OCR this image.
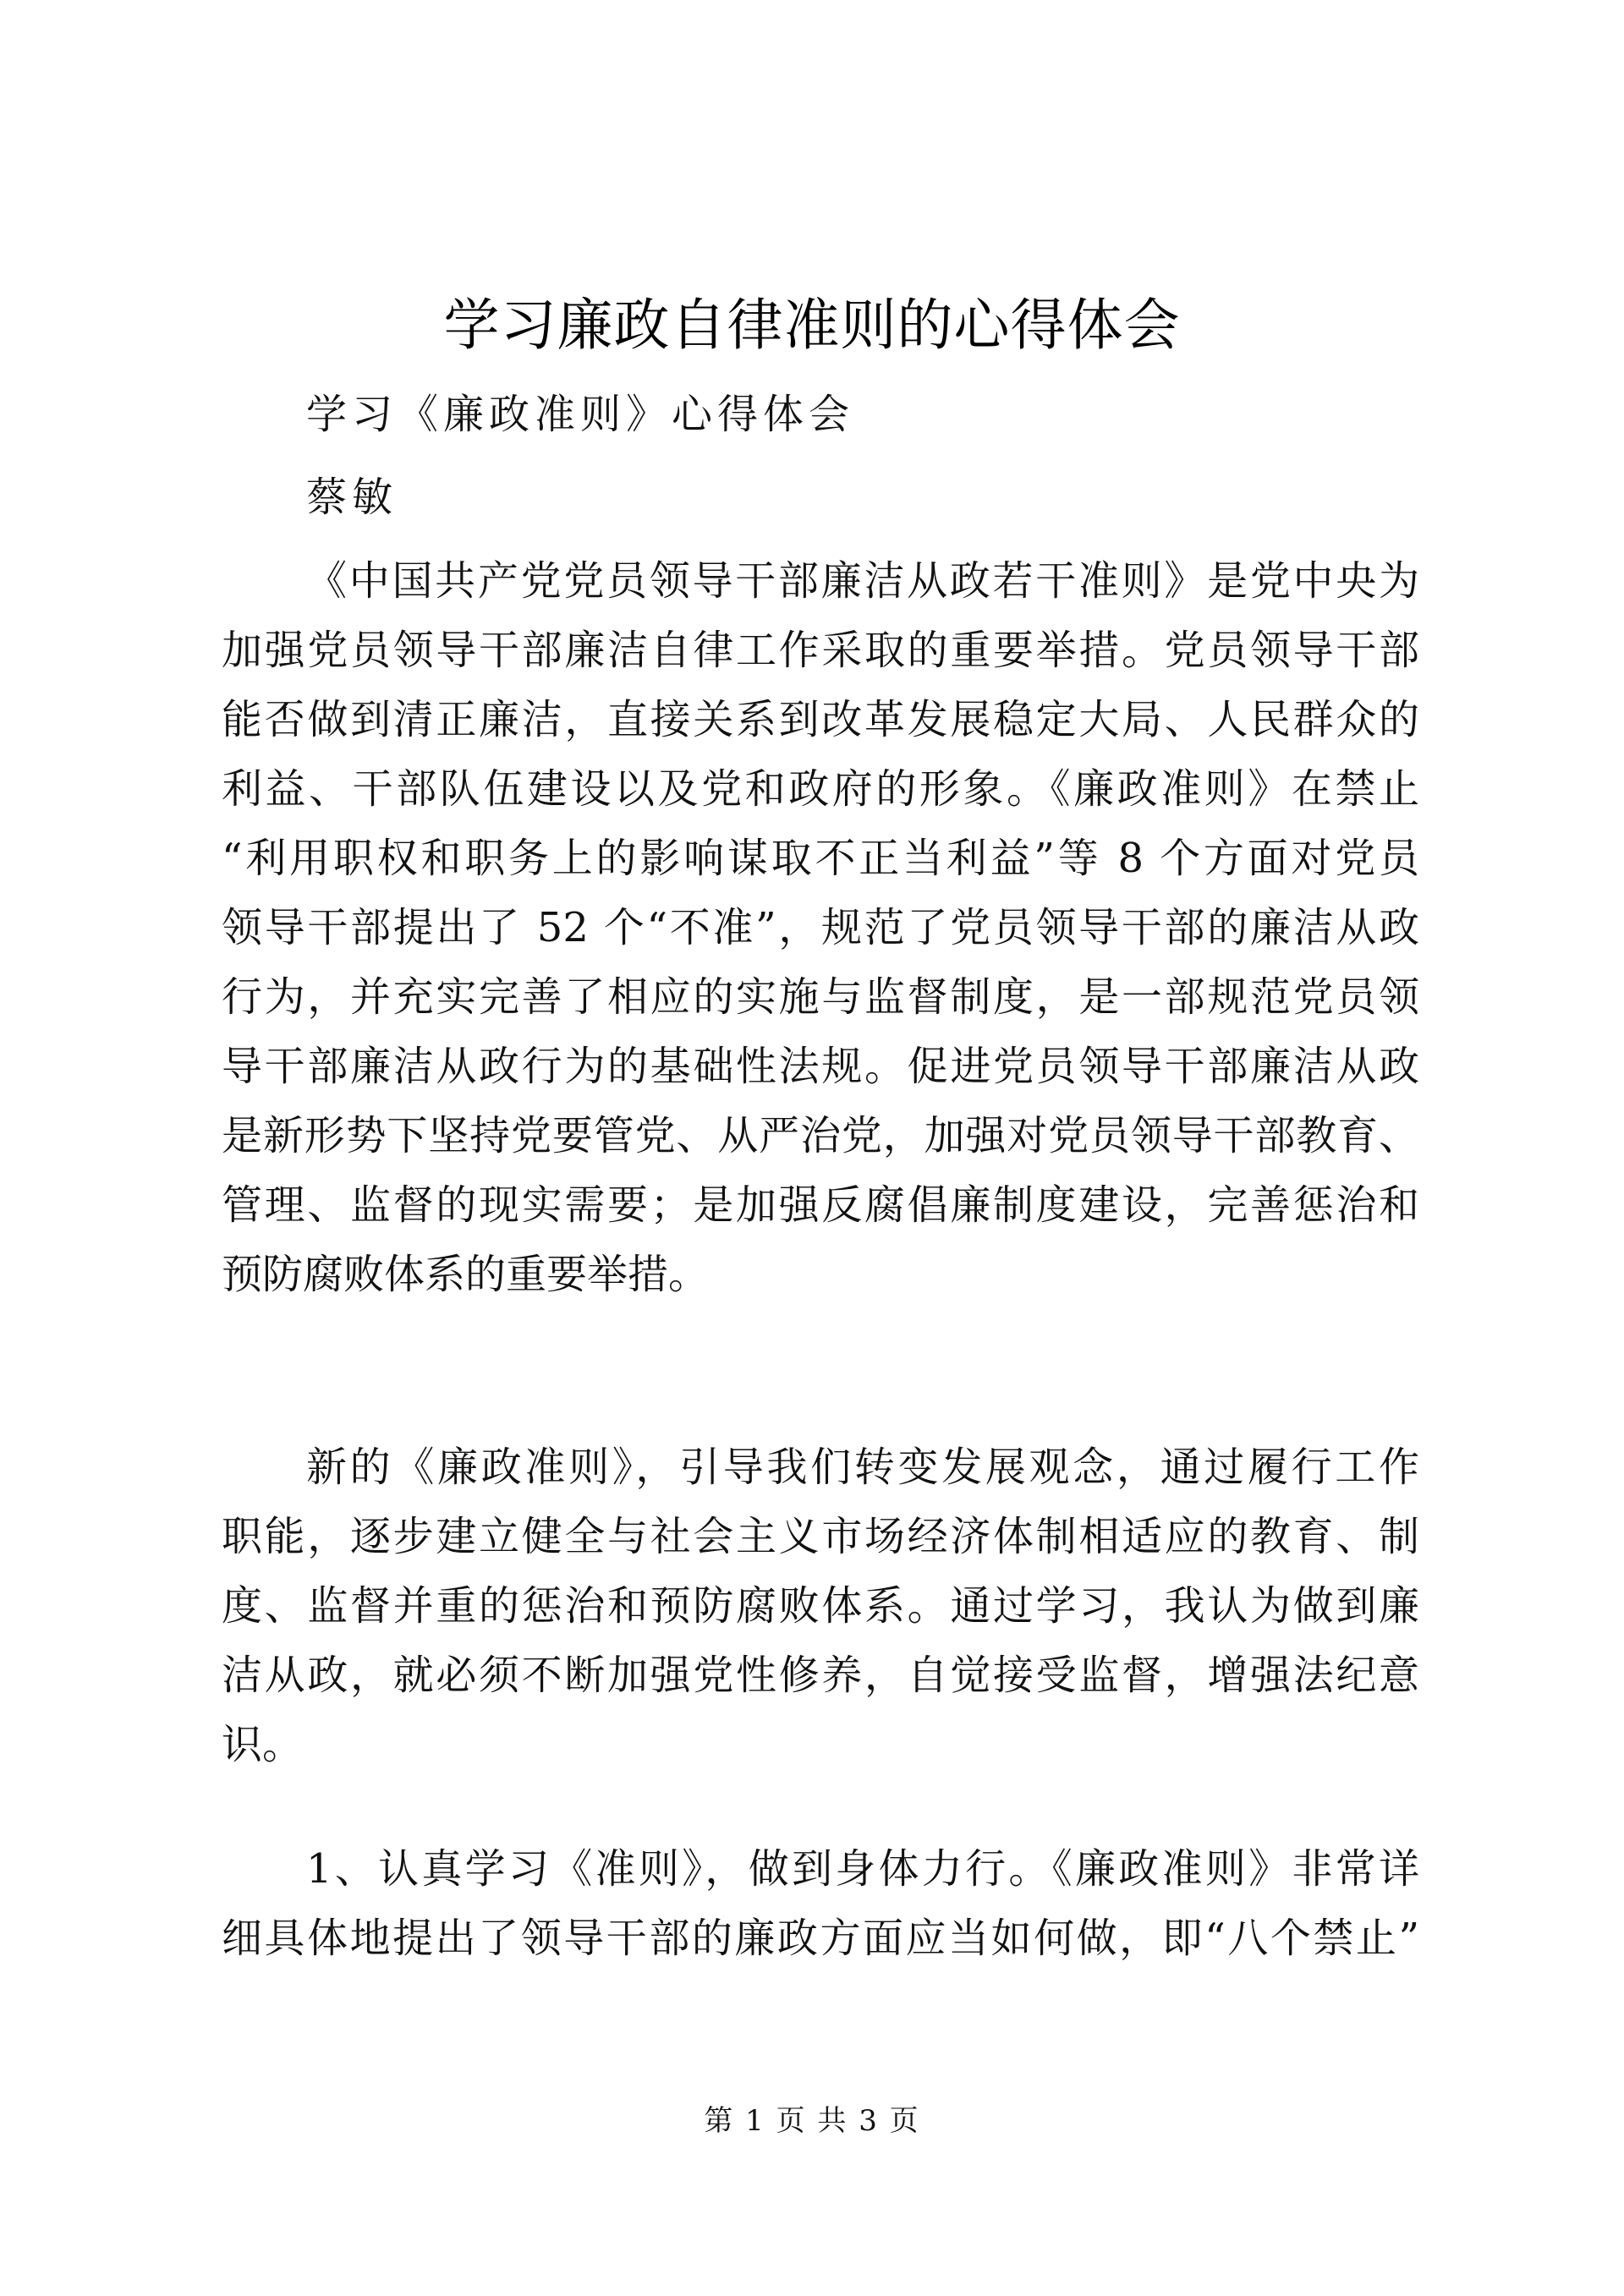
学习廉政自律准则的心得体会

学习《廉政准则》心得体会

蔡敏

《中国共产党党员领导干部廉洁从政若干准则》是党中央为

加强党员领导干部廉洁自律工作采取的重要举措。党员领导干部

能否做到清正廉洁，直接关系到改革发展稳定大局、人民群众的

利益、干部队伍建设以及党和政府的形象。《廉政准则》在禁止

“利用职权和职务上的影响谋取不正当利益”等 8 个方面对党员

领导干部提出了 52 个“不准”，规范了党员领导干部的廉洁从政

行为，并充实完善了相应的实施与监督制度，是一部规范党员领

导干部廉洁从政行为的基础性法规。促进党员领导干部廉洁从政

是新形势下坚持党要管党、从严治党，加强对党员领导干部教育、

管理、监督的现实需要；是加强反腐倡廉制度建设，完善惩治和

预防腐败体系的重要举措。

新的《廉政准则》，引导我们转变发展观念，通过履行工作

职能，逐步建立健全与社会主义市场经济体制相适应的教育、制

度、监督并重的惩治和预防腐败体系。通过学习，我认为做到廉

洁从政，就必须不断加强党性修养，自觉接受监督，增强法纪意

识。

1、认真学习《准则》，做到身体力行。《廉政准则》非常详

细具体地提出了领导干部的廉政方面应当如何做，即“八个禁止”

第 1 页 共 3 页
